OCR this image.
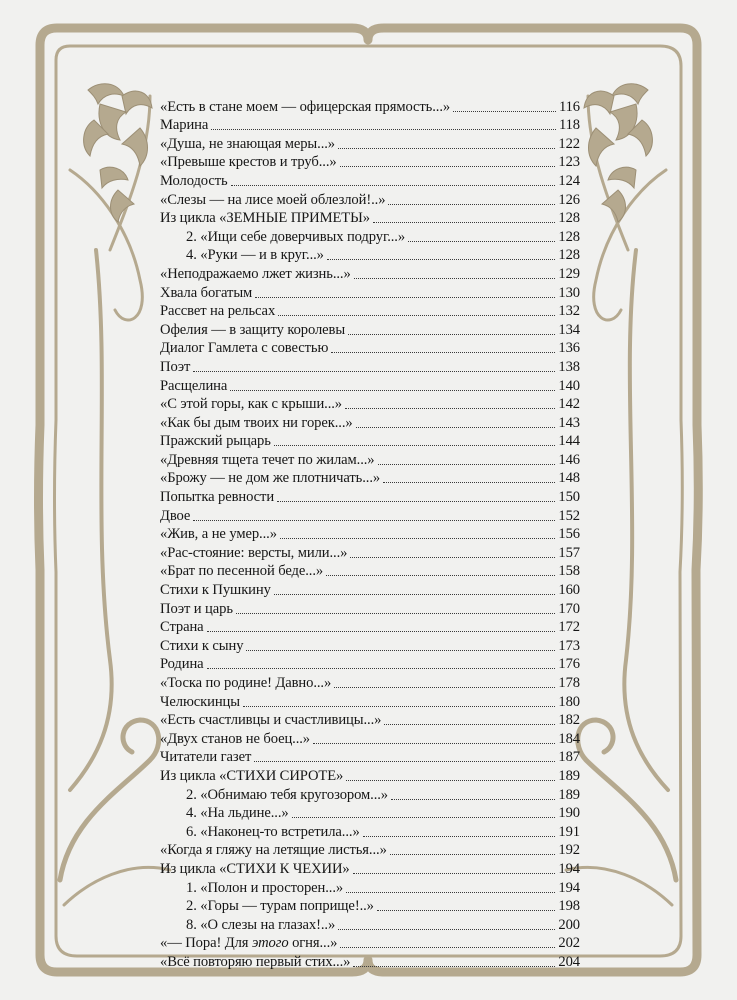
«Есть в стане моем — офицерская прямость...»	116
Марина	118
«Душа, не знающая меры...»	122
«Превыше крестов и труб...»	123
Молодость	124
«Слезы — на лисе моей облезлой!..»	126
Из цикла «ЗЕМНЫЕ ПРИМЕТЫ»	128
2. «Ищи себе доверчивых подруг...»	128
4. «Руки — и в круг...»	128
«Неподражаемо лжет жизнь...»	129
Хвала богатым	130
Рассвет на рельсах	132
Офелия — в защиту королевы	134
Диалог Гамлета с совестью	136
Поэт	138
Расщелина	140
«С этой горы, как с крыши...»	142
«Как бы дым твоих ни горек...»	143
Пражский рыцарь	144
«Древняя тщета течет по жилам...»	146
«Брожу — не дом же плотничать...»	148
Попытка ревности	150
Двое	152
«Жив, а не умер...»	156
«Рас-стояние: версты, мили...»	157
«Брат по песенной беде...»	158
Стихи к Пушкину	160
Поэт и царь	170
Страна	172
Стихи к сыну	173
Родина	176
«Тоска по родине! Давно...»	178
Челюскинцы	180
«Есть счастливцы и счастливицы...»	182
«Двух станов не боец...»	184
Читатели газет	187
Из цикла «СТИХИ СИРОТЕ»	189
2. «Обнимаю тебя кругозором...»	189
4. «На льдине...»	190
6. «Наконец-то встретила...»	191
«Когда я гляжу на летящие листья...»	192
Из цикла «СТИХИ К ЧЕХИИ»	194
1. «Полон и просторен...»	194
2. «Горы — турам поприще!..»	198
8. «О слезы на глазах!..»	200
«— Пора! Для этого огня...»	202
«Всё повторяю первый стих...»	204
